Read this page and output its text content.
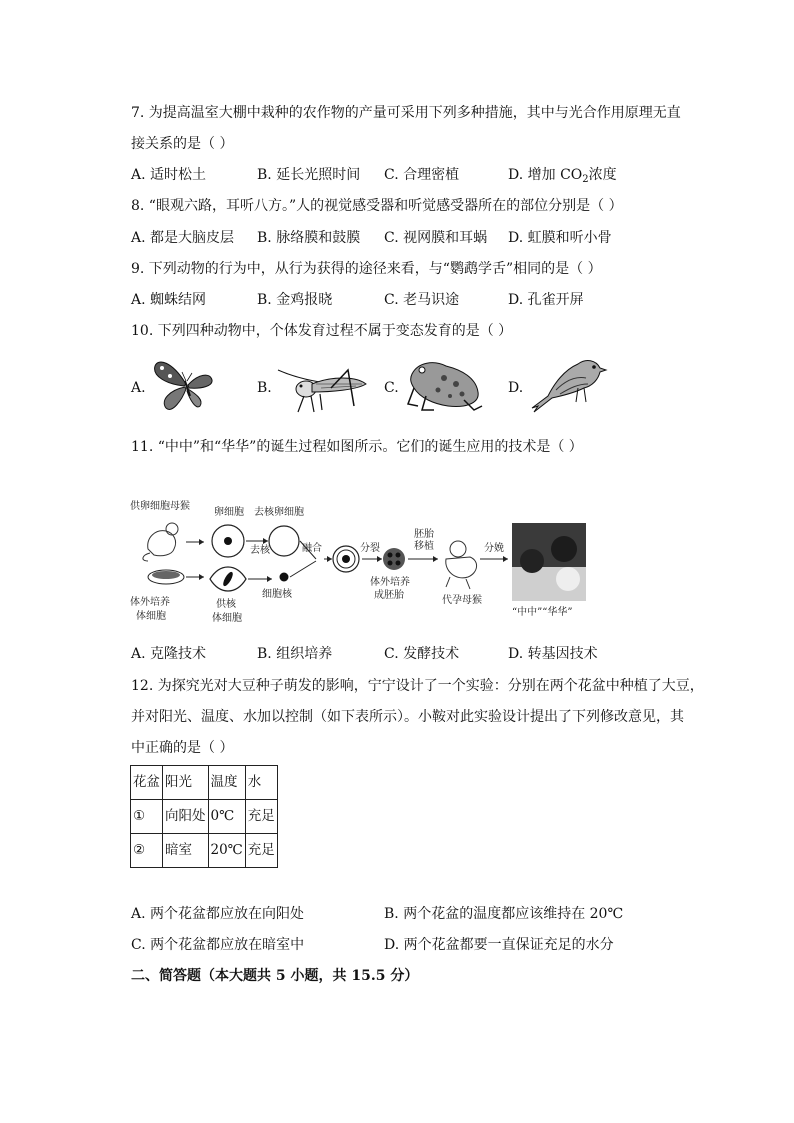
7. 为提高温室大棚中栽种的农作物的产量可采用下列多种措施，其中与光合作用原理无直
接关系的是（ ）
A. 适时松土	B. 延长光照时间 C. 合理密植	D. 增加 $CO_2$浓度
8. “眼观六路，耳听八方。”人的视觉感受器和听觉感受器所在的部位分别是（ ）
A. 都是大脑皮层 B. 脉络膜和鼓膜 C. 视网膜和耳蜗 D. 虹膜和听小骨
9. 下列动物的行为中，从行为获得的途径来看，与“鹦鹉学舌”相同的是（ ）
A. 蜘蛛结网	B. 金鸡报晓	C. 老马识途	D. 孔雀开屏
10. 下列四种动物中，个体发育过程不属于变态发育的是（ ）
A.	B.	C.	D.
11. “中中”和“华华”的诞生过程如图所示。它们的诞生应用的技术是（ ）
供卵细胞母猴
卵细胞
去核
去核卵细胞
体外培养
体细胞
供核
体细胞
细胞核
融合	分裂
体外培养
成胚胎
胚胎
移植
代孕母猴
分娩
“中中”“华华”
A. 克隆技术	B. 组织培养	C. 发酵技术	D. 转基因技术
12. 为探究光对大豆种子萌发的影响，宁宁设计了一个实验：分别在两个花盆中种植了大豆，
并对阳光、温度、水加以控制（如下表所示）。小鞍对此实验设计提出了下列修改意见，其
中正确的是（ ）
花盆	阳光	温度	水
①	向阳处	0℃	充足
②	暗室	20℃	充足
A. 两个花盆都应放在向阳处	B. 两个花盆的温度都应该维持在 20℃
C. 两个花盆都应放在暗室中	D. 两个花盆都要一直保证充足的水分
二、简答题（本大题共 5 小题，共 15.5 分）
